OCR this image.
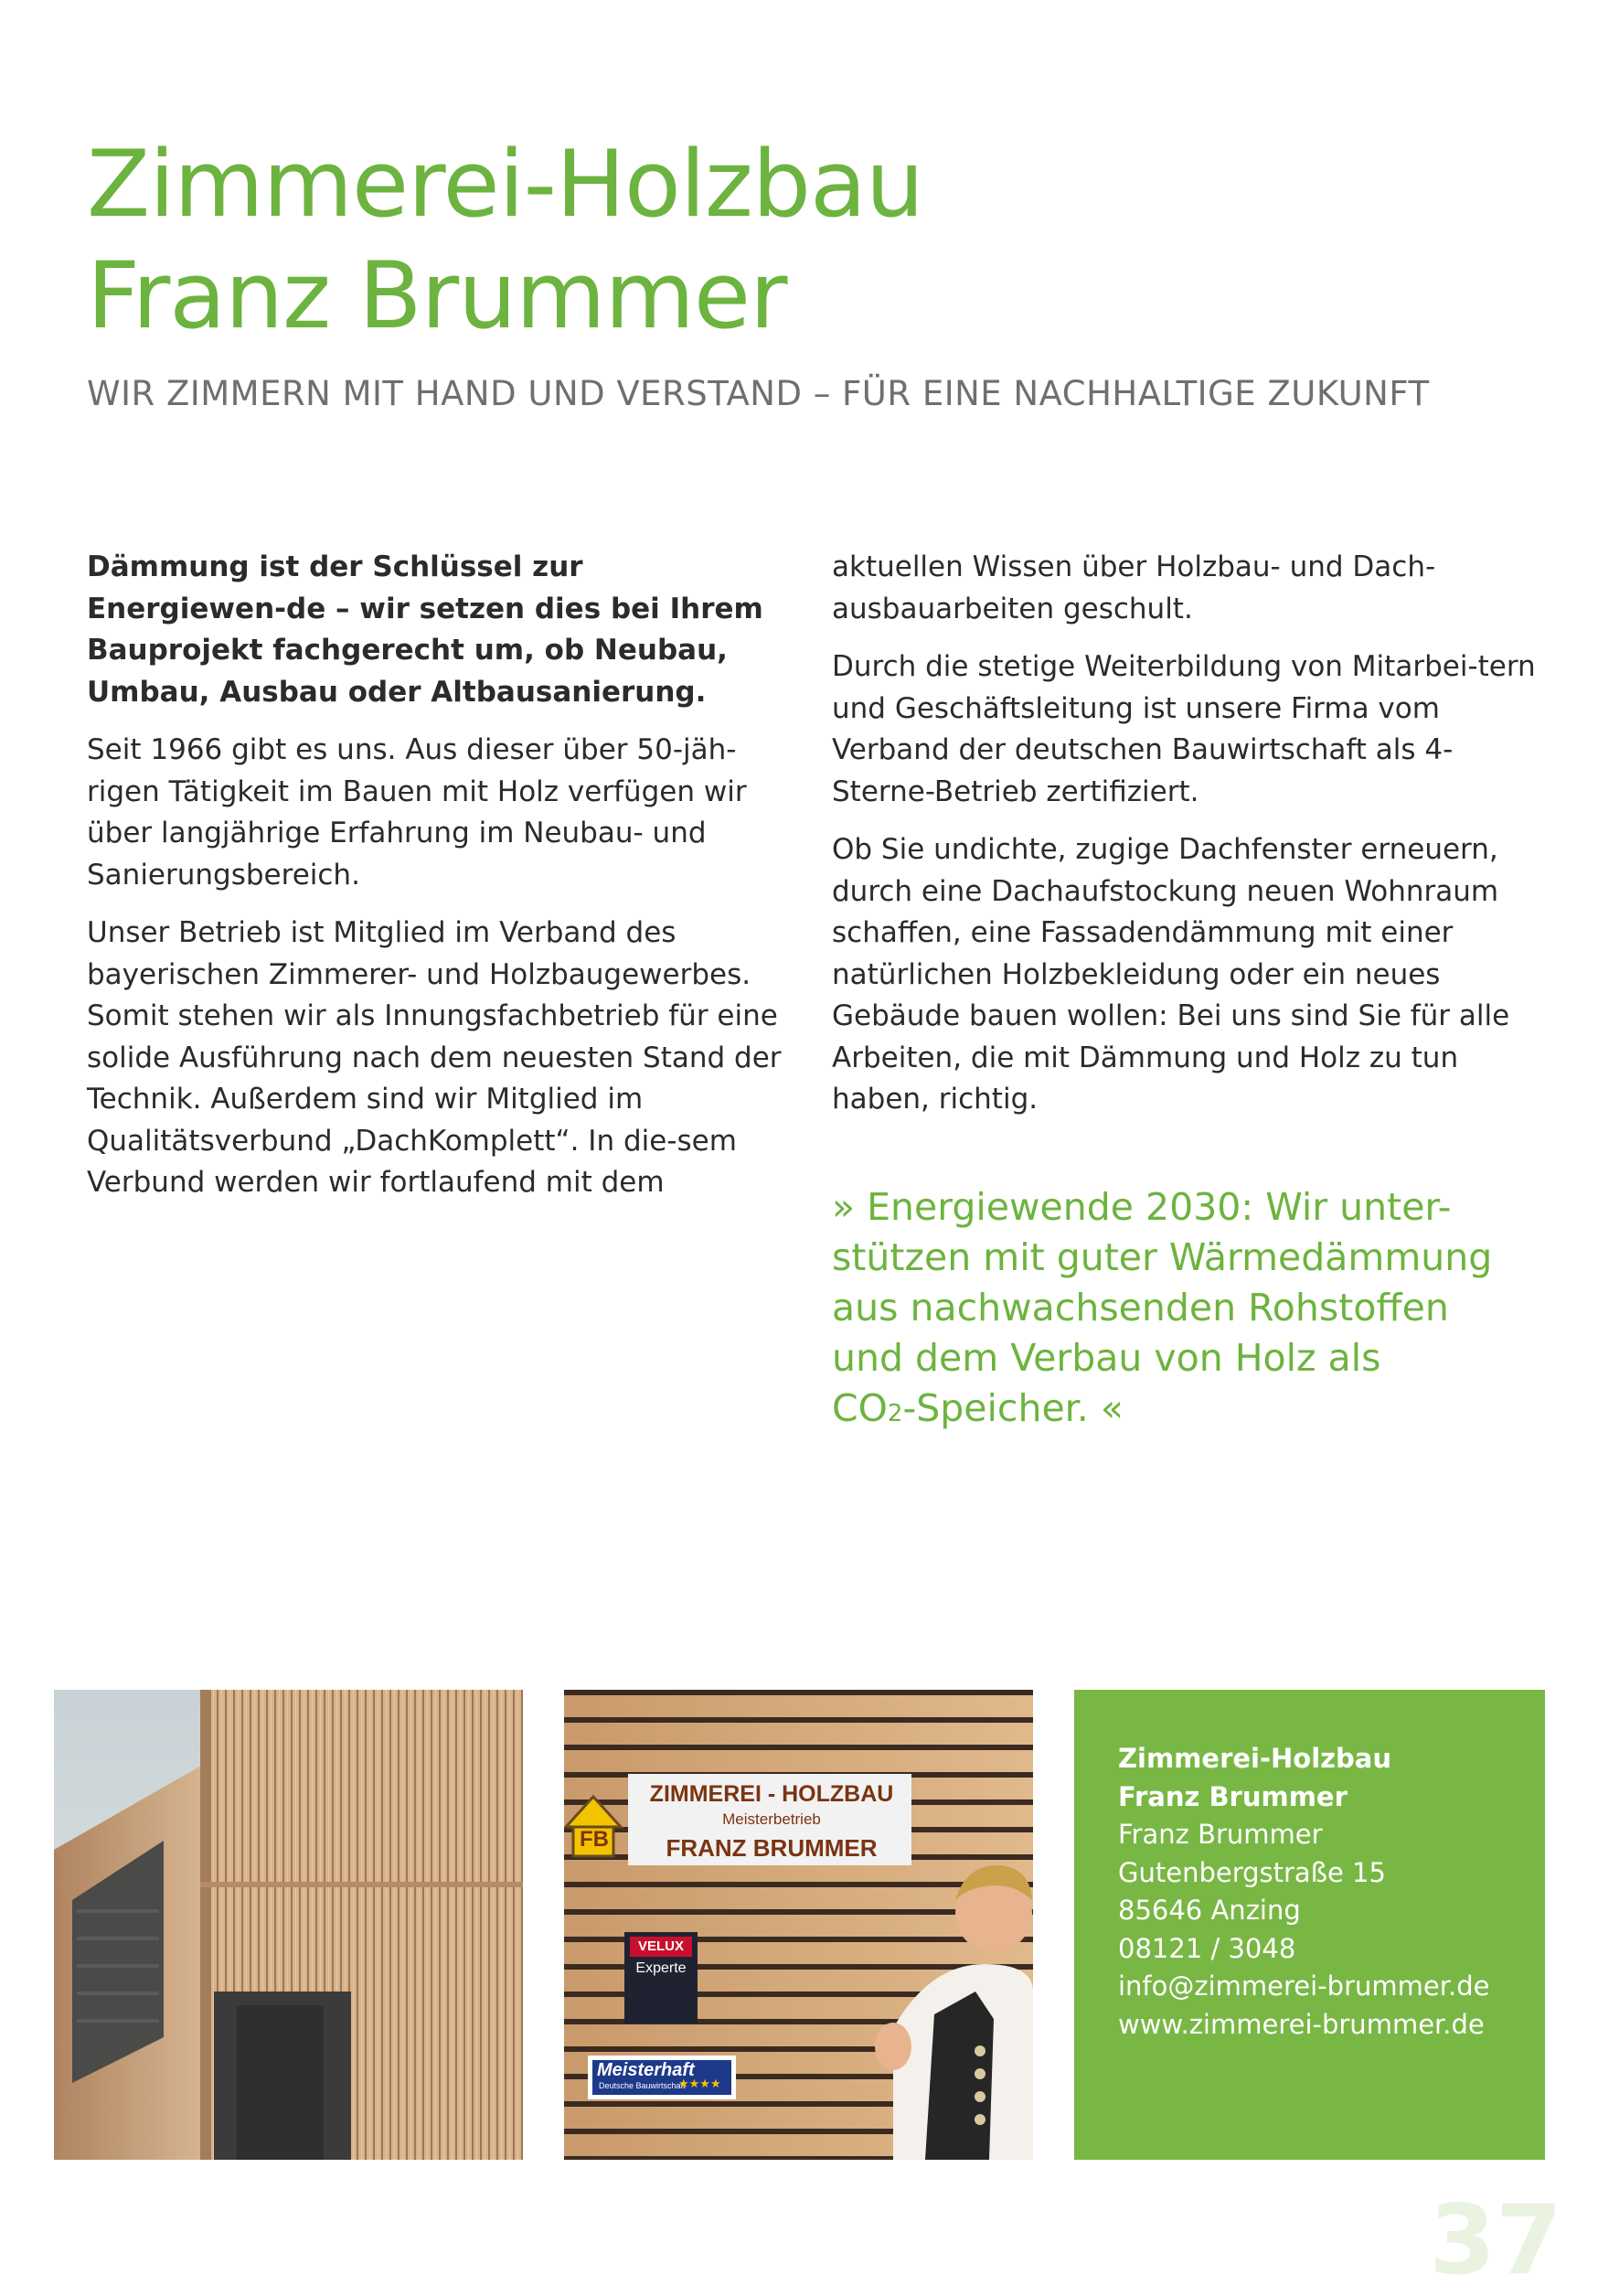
Zimmerei-Holzbau
Franz Brummer
WIR ZIMMERN MIT HAND UND VERSTAND – FÜR EINE NACHHALTIGE ZUKUNFT

Dämmung ist der Schlüssel zur Energiewen-de – wir setzen dies bei Ihrem Bauprojekt fachgerecht um, ob Neubau, Umbau, Ausbau oder Altbausanierung.

Seit 1966 gibt es uns. Aus dieser über 50-jäh-rigen Tätigkeit im Bauen mit Holz verfügen wir über langjährige Erfahrung im Neubau- und Sanierungsbereich.

Unser Betrieb ist Mitglied im Verband des bayerischen Zimmerer- und Holzbaugewerbes. Somit stehen wir als Innungsfachbetrieb für eine solide Ausführung nach dem neuesten Stand der Technik. Außerdem sind wir Mitglied im Qualitätsverbund „DachKomplett“. In die-sem Verbund werden wir fortlaufend mit dem

aktuellen Wissen über Holzbau- und Dach-ausbauarbeiten geschult.

Durch die stetige Weiterbildung von Mitarbei-tern und Geschäftsleitung ist unsere Firma vom Verband der deutschen Bauwirtschaft als 4-Sterne-Betrieb zertifiziert.

Ob Sie undichte, zugige Dachfenster erneuern, durch eine Dachaufstockung neuen Wohnraum schaffen, eine Fassadendämmung mit einer natürlichen Holzbekleidung oder ein neues Gebäude bauen wollen: Bei uns sind Sie für alle Arbeiten, die mit Dämmung und Holz zu tun haben, richtig.

» Energiewende 2030: Wir unter-
stützen mit guter Wärmedämmung
aus nachwachsenden Rohstoffen
und dem Verbau von Holz als
CO2-Speicher. «

FB
ZIMMEREI - HOLZBAU
Meisterbetrieb
FRANZ BRUMMER
VELUX
Experte
Meisterhaft
Deutsche Bauwirtschaft
★★★★
Zimmerei-Holzbau
Franz Brummer
Franz Brummer
Gutenbergstraße 15
85646 Anzing
08121 / 3048
info@zimmerei-brummer.de
www.zimmerei-brummer.de
37
